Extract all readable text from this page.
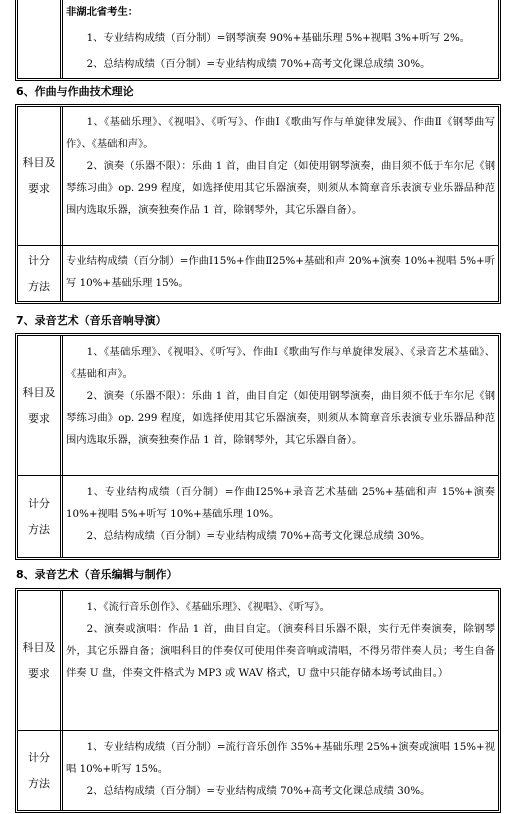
非湖北省考生：

1、专业结构成绩（百分制）=钢琴演奏 90%+基础乐理 5%+视唱 3%+听写 2%。

2、总结构成绩（百分制）=专业结构成绩 70%+高考文化课总成绩 30%。

6、作曲与作曲技术理论
科目及
要求

1、《基础乐理》、《视唱》、《听写》、作曲Ⅰ《歌曲写作与单旋律发展》、作曲Ⅱ《钢琴曲写作》、《基础和声》。

2、演奏（乐器不限）：乐曲 1 首，曲目自定（如使用钢琴演奏，曲目须不低于车尔尼《钢琴练习曲》op. 299 程度，如选择使用其它乐器演奏，则须从本简章音乐表演专业乐器品种范围内选取乐器，演奏独奏作品 1 首，除钢琴外，其它乐器自备）。

计分
方法

专业结构成绩（百分制）=作曲Ⅰ15%+作曲Ⅱ25%+基础和声 20%+演奏 10%+视唱 5%+听写 10%+基础乐理 15%。

7、录音艺术（音乐音响导演）
科目及
要求

1、《基础乐理》、《视唱》、《听写》、作曲Ⅰ《歌曲写作与单旋律发展》、《录音艺术基础》、《基础和声》。

2、演奏（乐器不限）：乐曲 1 首，曲目自定（如使用钢琴演奏，曲目须不低于车尔尼《钢琴练习曲》op. 299 程度，如选择使用其它乐器演奏，则须从本简章音乐表演专业乐器品种范围内选取乐器，演奏独奏作品 1 首，除钢琴外，其它乐器自备）。

计分
方法

1、专业结构成绩（百分制）=作曲Ⅰ25%+录音艺术基础 25%+基础和声 15%+演奏 10%+视唱 5%+听写 10%+基础乐理 10%。

2、总结构成绩（百分制）=专业结构成绩 70%+高考文化课总成绩 30%。

8、录音艺术（音乐编辑与制作）
科目及
要求

1、《流行音乐创作》、《基础乐理》、《视唱》、《听写》。

2、演奏或演唱：作品 1 首，曲目自定。（演奏科目乐器不限，实行无伴奏演奏，除钢琴外，其它乐器自备；演唱科目的伴奏仅可使用伴奏音响或清唱，不得另带伴奏人员；考生自备伴奏 U 盘，伴奏文件格式为 MP3 或 WAV 格式，U 盘中只能存储本场考试曲目。）

计分
方法

1、专业结构成绩（百分制）=流行音乐创作 35%+基础乐理 25%+演奏或演唱 15%+视唱 10%+听写 15%。

2、总结构成绩（百分制）=专业结构成绩 70%+高考文化课总成绩 30%。
